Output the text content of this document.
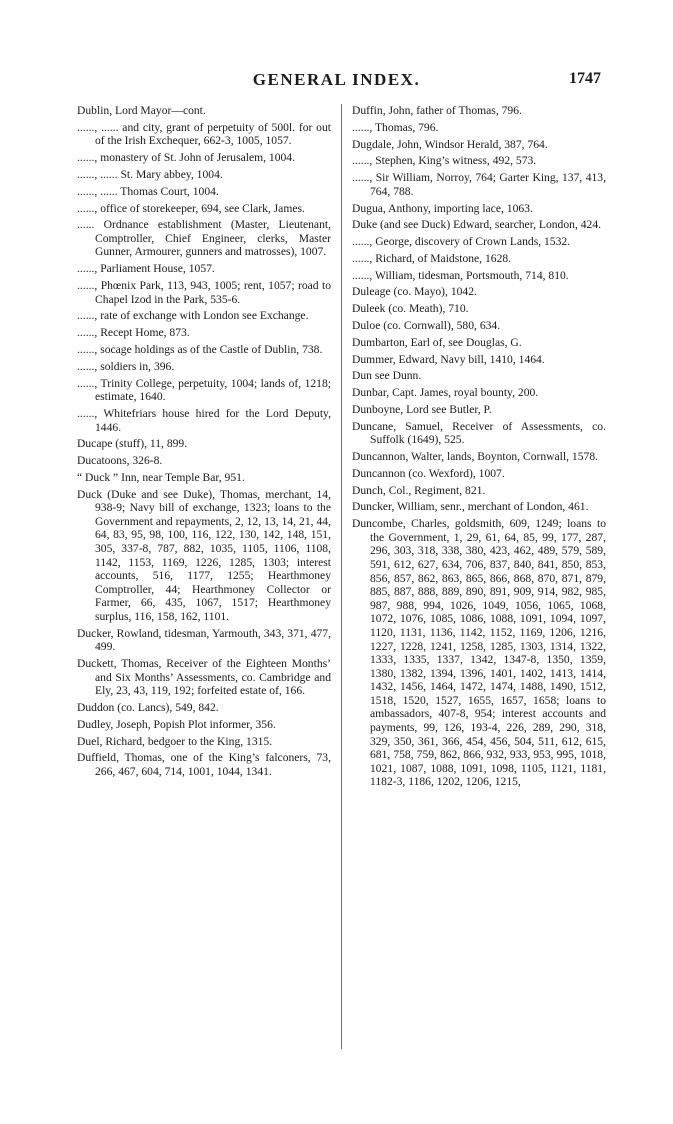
GENERAL INDEX.	1747

Dublin, Lord Mayor—cont.

......, ...... and city, grant of perpetuity of 500l. for out of the Irish Exchequer, 662-3, 1005, 1057.

......, monastery of St. John of Jerusalem, 1004.

......, ...... St. Mary abbey, 1004.

......, ...... Thomas Court, 1004.

......, office of storekeeper, 694, see Clark, James.

...... Ordnance establishment (Master, Lieutenant, Comptroller, Chief Engineer, clerks, Master Gunner, Armourer, gunners and matrosses), 1007.

......, Parliament House, 1057.

......, Phœnix Park, 113, 943, 1005; rent, 1057; road to Chapel Izod in the Park, 535-6.

......, rate of exchange with London see Exchange.

......, Recept Home, 873.

......, socage holdings as of the Castle of Dublin, 738.

......, soldiers in, 396.

......, Trinity College, perpetuity, 1004; lands of, 1218; estimate, 1640.

......, Whitefriars house hired for the Lord Deputy, 1446.

Ducape (stuff), 11, 899.

Ducatoons, 326-8.

“ Duck ” Inn, near Temple Bar, 951.

Duck (Duke and see Duke), Thomas, merchant, 14, 938-9; Navy bill of exchange, 1323; loans to the Government and repayments, 2, 12, 13, 14, 21, 44, 64, 83, 95, 98, 100, 116, 122, 130, 142, 148, 151, 305, 337-8, 787, 882, 1035, 1105, 1106, 1108, 1142, 1153, 1169, 1226, 1285, 1303; interest accounts, 516, 1177, 1255; Hearthmoney Comptroller, 44; Hearthmoney Collector or Farmer, 66, 435, 1067, 1517; Hearthmoney surplus, 116, 158, 162, 1101.

Ducker, Rowland, tidesman, Yarmouth, 343, 371, 477, 499.

Duckett, Thomas, Receiver of the Eighteen Months’ and Six Months’ Assessments, co. Cambridge and Ely, 23, 43, 119, 192; forfeited estate of, 166.

Duddon (co. Lancs), 549, 842.

Dudley, Joseph, Popish Plot informer, 356.

Duel, Richard, bedgoer to the King, 1315.

Duffield, Thomas, one of the King’s falconers, 73, 266, 467, 604, 714, 1001, 1044, 1341.

Duffin, John, father of Thomas, 796.

......, Thomas, 796.

Dugdale, John, Windsor Herald, 387, 764.

......, Stephen, King’s witness, 492, 573.

......, Sir William, Norroy, 764; Garter King, 137, 413, 764, 788.

Dugua, Anthony, importing lace, 1063.

Duke (and see Duck) Edward, searcher, London, 424.

......, George, discovery of Crown Lands, 1532.

......, Richard, of Maidstone, 1628.

......, William, tidesman, Portsmouth, 714, 810.

Duleage (co. Mayo), 1042.

Duleek (co. Meath), 710.

Duloe (co. Cornwall), 580, 634.

Dumbarton, Earl of, see Douglas, G.

Dummer, Edward, Navy bill, 1410, 1464.

Dun see Dunn.

Dunbar, Capt. James, royal bounty, 200.

Dunboyne, Lord see Butler, P.

Duncane, Samuel, Receiver of Assessments, co. Suffolk (1649), 525.

Duncannon, Walter, lands, Boynton, Cornwall, 1578.

Duncannon (co. Wexford), 1007.

Dunch, Col., Regiment, 821.

Duncker, William, senr., merchant of London, 461.

Duncombe, Charles, goldsmith, 609, 1249; loans to the Government, 1, 29, 61, 64, 85, 99, 177, 287, 296, 303, 318, 338, 380, 423, 462, 489, 579, 589, 591, 612, 627, 634, 706, 837, 840, 841, 850, 853, 856, 857, 862, 863, 865, 866, 868, 870, 871, 879, 885, 887, 888, 889, 890, 891, 909, 914, 982, 985, 987, 988, 994, 1026, 1049, 1056, 1065, 1068, 1072, 1076, 1085, 1086, 1088, 1091, 1094, 1097, 1120, 1131, 1136, 1142, 1152, 1169, 1206, 1216, 1227, 1228, 1241, 1258, 1285, 1303, 1314, 1322, 1333, 1335, 1337, 1342, 1347-8, 1350, 1359, 1380, 1382, 1394, 1396, 1401, 1402, 1413, 1414, 1432, 1456, 1464, 1472, 1474, 1488, 1490, 1512, 1518, 1520, 1527, 1655, 1657, 1658; loans to ambassadors, 407-8, 954; interest accounts and payments, 99, 126, 193-4, 226, 289, 290, 318, 329, 350, 361, 366, 454, 456, 504, 511, 612, 615, 681, 758, 759, 862, 866, 932, 933, 953, 995, 1018, 1021, 1087, 1088, 1091, 1098, 1105, 1121, 1181, 1182-3, 1186, 1202, 1206, 1215,
